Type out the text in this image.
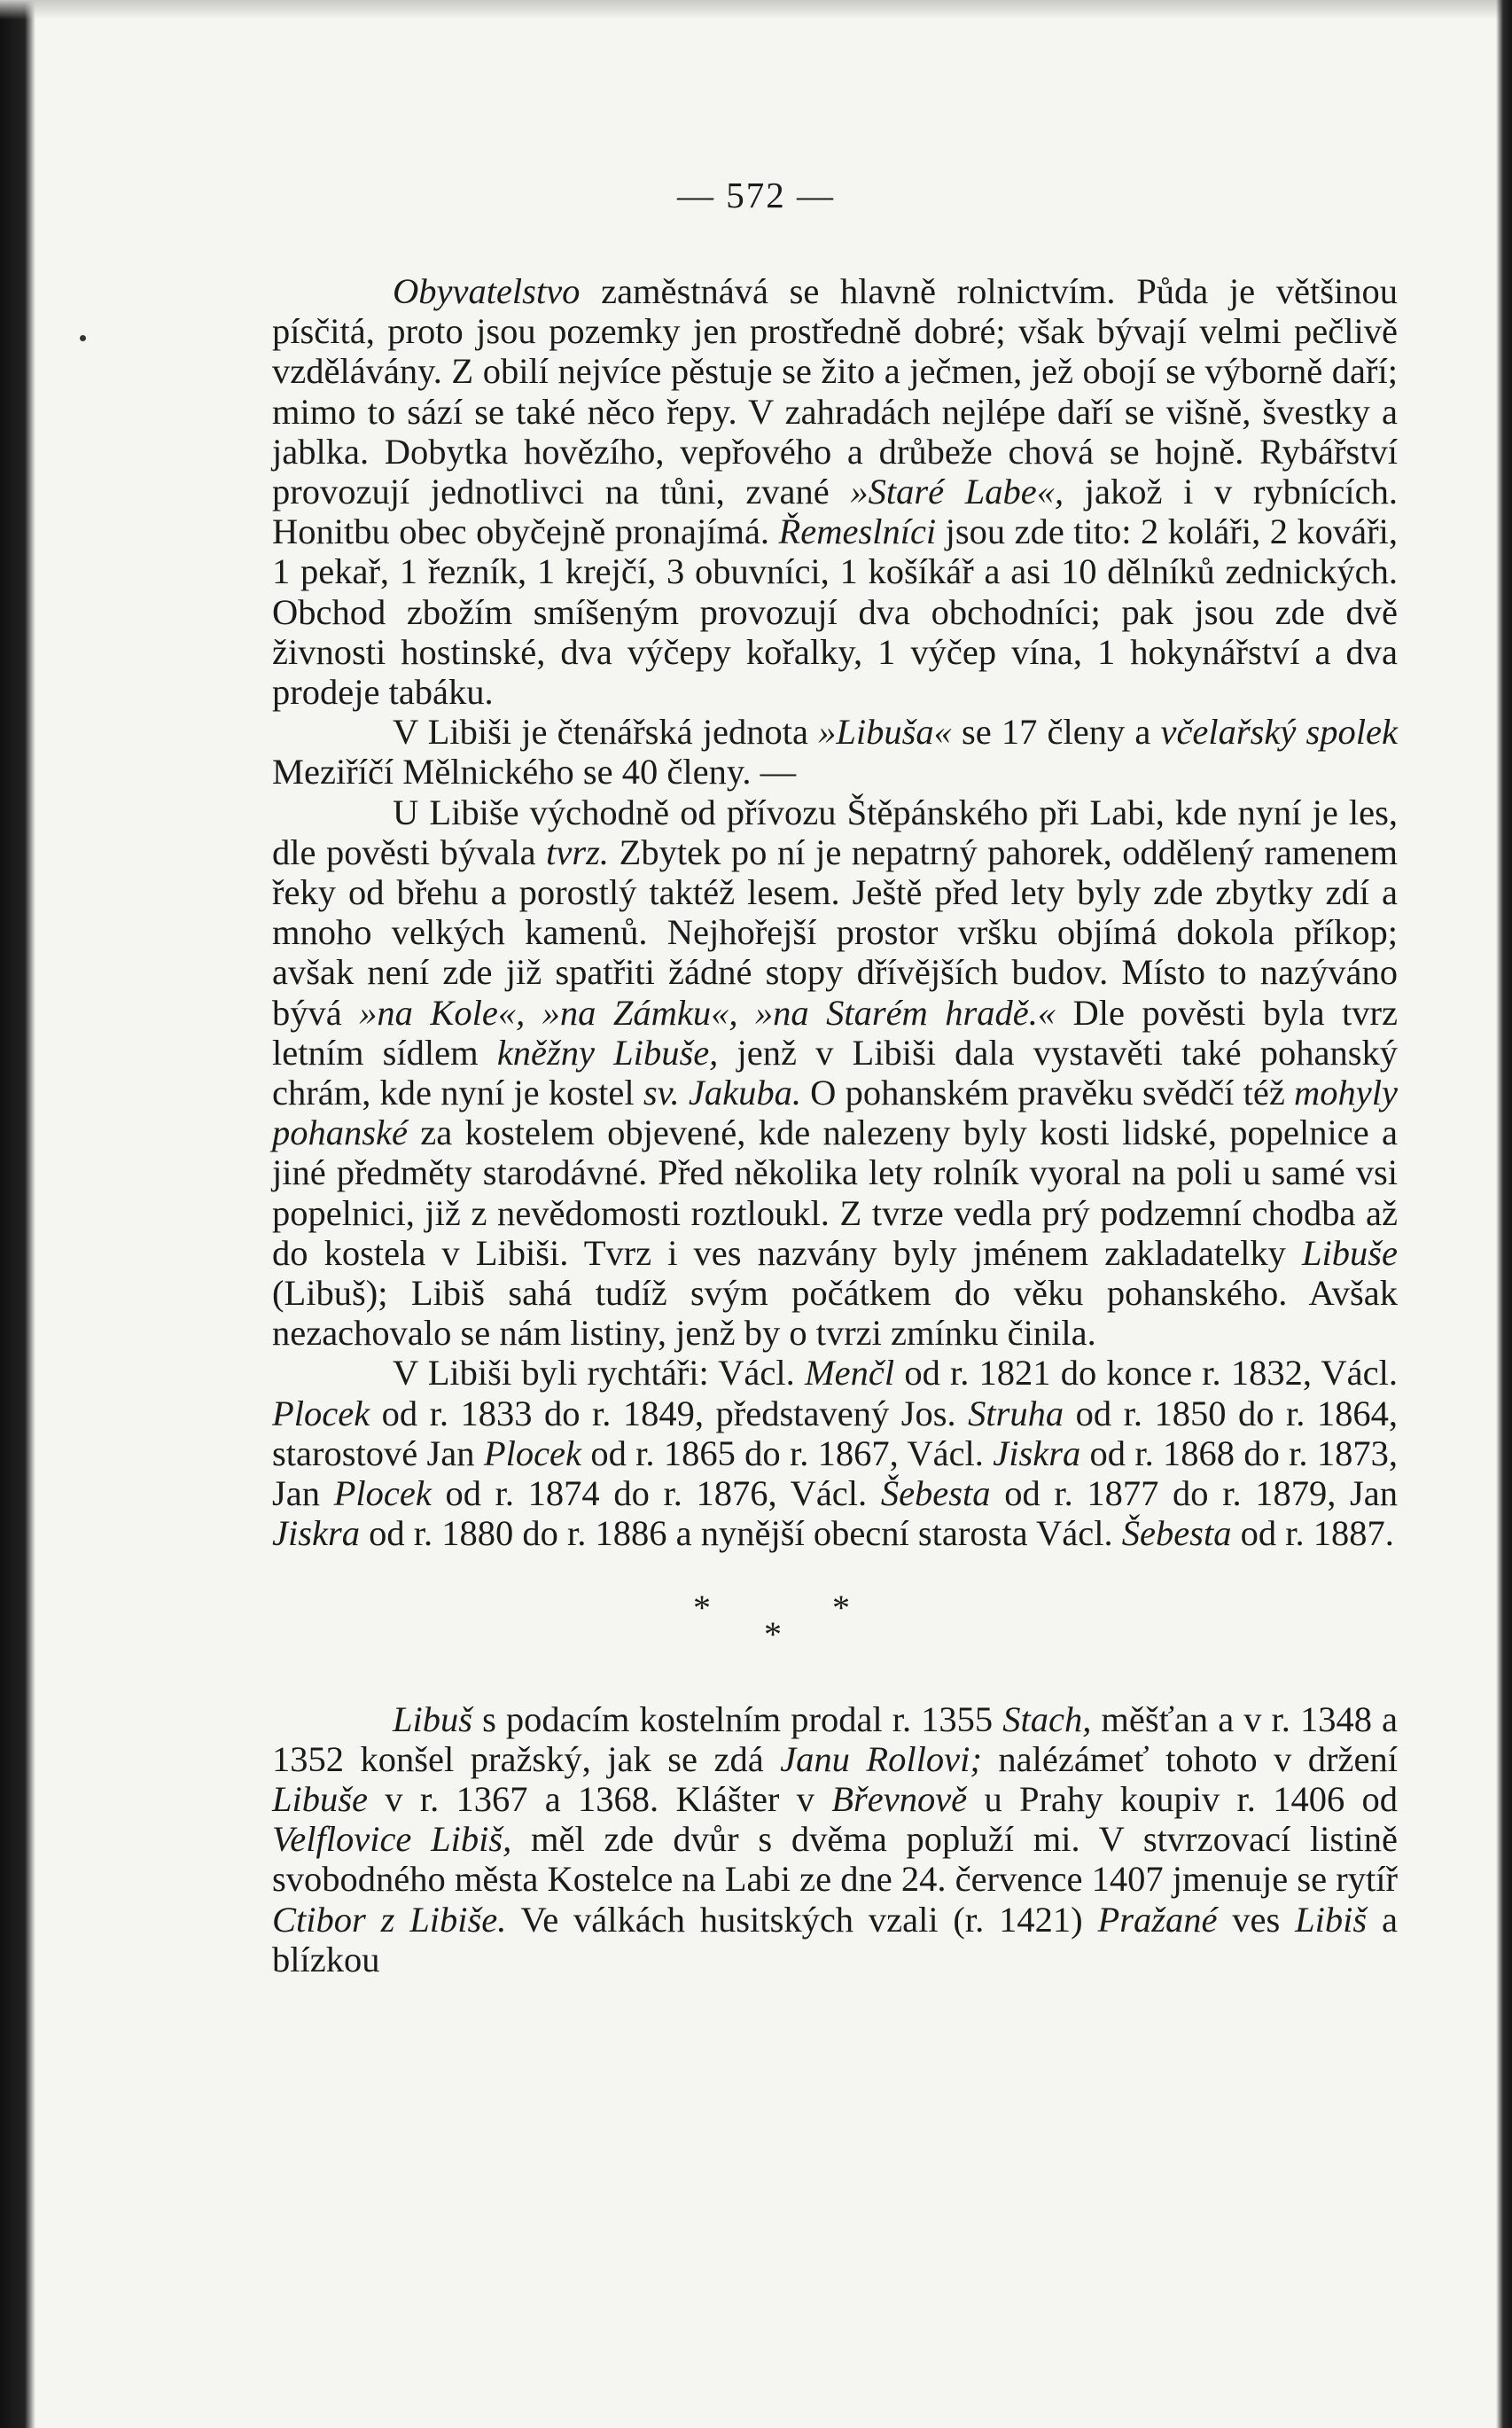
— 572 —

Obyvatelstvo zaměstnává se hlavně rolnictvím. Půda je většinou písčitá, proto jsou pozemky jen prostředně dobré; však bývají velmi pečlivě vzdělávány. Z obilí nejvíce pěstuje se žito a ječmen, jež obojí se výborně daří; mimo to sází se také něco řepy. V zahradách nejlépe daří se višně, švestky a jablka. Dobytka hovězího, vepřového a drůbeže chová se hojně. Rybářství provozují jednotlivci na tůni, zvané »Staré Labe«, jakož i v rybnících. Honitbu obec obyčejně pronajímá. Řemeslníci jsou zde tito: 2 koláři, 2 kováři, 1 pekař, 1 řezník, 1 krejčí, 3 obuvníci, 1 košíkář a asi 10 dělníků zednických. Obchod zbožím smíšeným provozují dva obchodníci; pak jsou zde dvě živnosti hostinské, dva výčepy kořalky, 1 výčep vína, 1 hokynářství a dva prodeje tabáku.

V Libiši je čtenářská jednota »Libuša« se 17 členy a včelařský spolek Meziříčí Mělnického se 40 členy. —

U Libiše východně od přívozu Štěpánského při Labi, kde nyní je les, dle pověsti bývala tvrz. Zbytek po ní je nepatrný pahorek, oddělený ramenem řeky od břehu a porostlý taktéž lesem. Ještě před lety byly zde zbytky zdí a mnoho velkých kamenů. Nejhořejší prostor vršku objímá dokola příkop; avšak není zde již spatřiti žádné stopy dřívějších budov. Místo to nazýváno bývá »na Kole«, »na Zámku«, »na Starém hradě.« Dle pověsti byla tvrz letním sídlem kněžny Libuše, jenž v Libiši dala vystavěti také pohanský chrám, kde nyní je kostel sv. Jakuba. O pohanském pravěku svědčí též mohyly pohanské za kostelem objevené, kde nalezeny byly kosti lidské, popelnice a jiné předměty starodávné. Před několika lety rolník vyoral na poli u samé vsi popelnici, již z nevědomosti roztloukl. Z tvrze vedla prý podzemní chodba až do kostela v Libiši. Tvrz i ves nazvány byly jménem zakladatelky Libuše (Libuš); Libiš sahá tudíž svým počátkem do věku pohanského. Avšak nezachovalo se nám listiny, jenž by o tvrzi zmínku činila.

V Libiši byli rychtáři: Václ. Menčl od r. 1821 do konce r. 1832, Václ. Plocek od r. 1833 do r. 1849, představený Jos. Struha od r. 1850 do r. 1864, starostové Jan Plocek od r. 1865 do r. 1867, Václ. Jiskra od r. 1868 do r. 1873, Jan Plocek od r. 1874 do r. 1876, Václ. Šebesta od r. 1877 do r. 1879, Jan Jiskra od r. 1880 do r. 1886 a nynější obecní starosta Václ. Šebesta od r. 1887.

*	*
*

Libuš s podacím kostelním prodal r. 1355 Stach, měšťan a v r. 1348 a 1352 konšel pražský, jak se zdá Janu Rollovi; nalézámeť tohoto v držení Libuše v r. 1367 a 1368. Klášter v Břevnově u Prahy koupiv r. 1406 od Velflovice Libiš, měl zde dvůr s dvěma popluží mi. V stvrzovací listině svobodného města Kostelce na Labi ze dne 24. července 1407 jmenuje se rytíř Ctibor z Libiše. Ve válkách husitských vzali (r. 1421) Pražané ves Libiš a blízkou
